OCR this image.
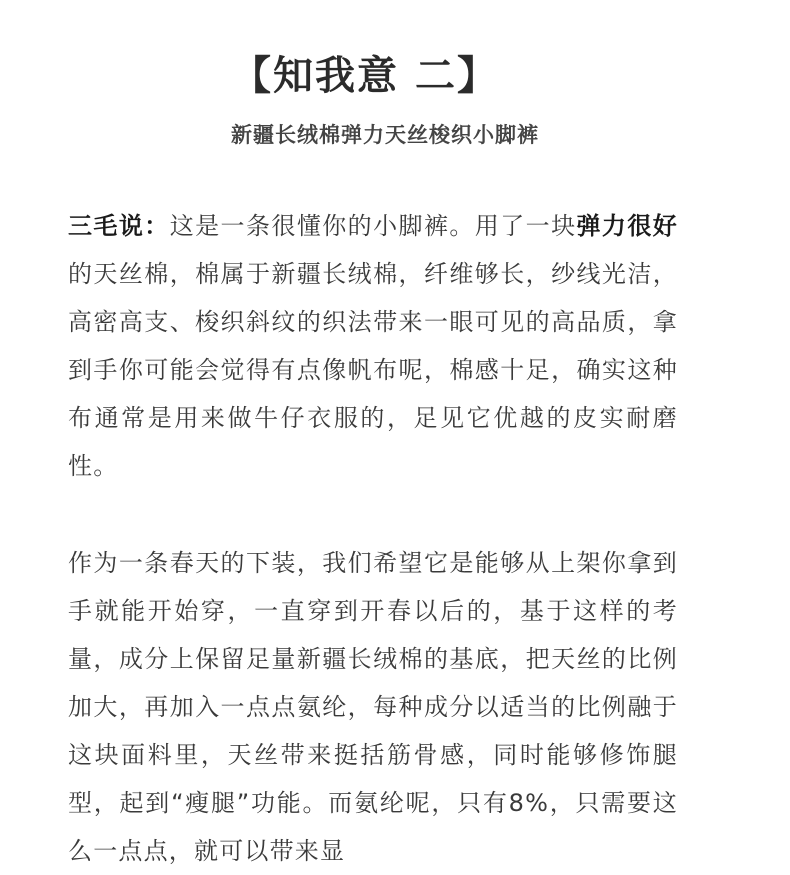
【知我意 二】
新疆长绒棉弹力天丝梭织小脚裤

三毛说：这是一条很懂你的小脚裤。用了一块弹力很好的天丝棉，棉属于新疆长绒棉，纤维够长，纱线光洁，高密高支、梭织斜纹的织法带来一眼可见的高品质，拿到手你可能会觉得有点像帆布呢，棉感十足，确实这种布通常是用来做牛仔衣服的，足见它优越的皮实耐磨性。

作为一条春天的下装，我们希望它是能够从上架你拿到手就能开始穿，一直穿到开春以后的，基于这样的考量，成分上保留足量新疆长绒棉的基底，把天丝的比例加大，再加入一点点氨纶，每种成分以适当的比例融于这块面料里，天丝带来挺括筋骨感，同时能够修饰腿型，起到“瘦腿”功能。而氨纶呢，只有8%，只需要这么一点点，就可以带来显
